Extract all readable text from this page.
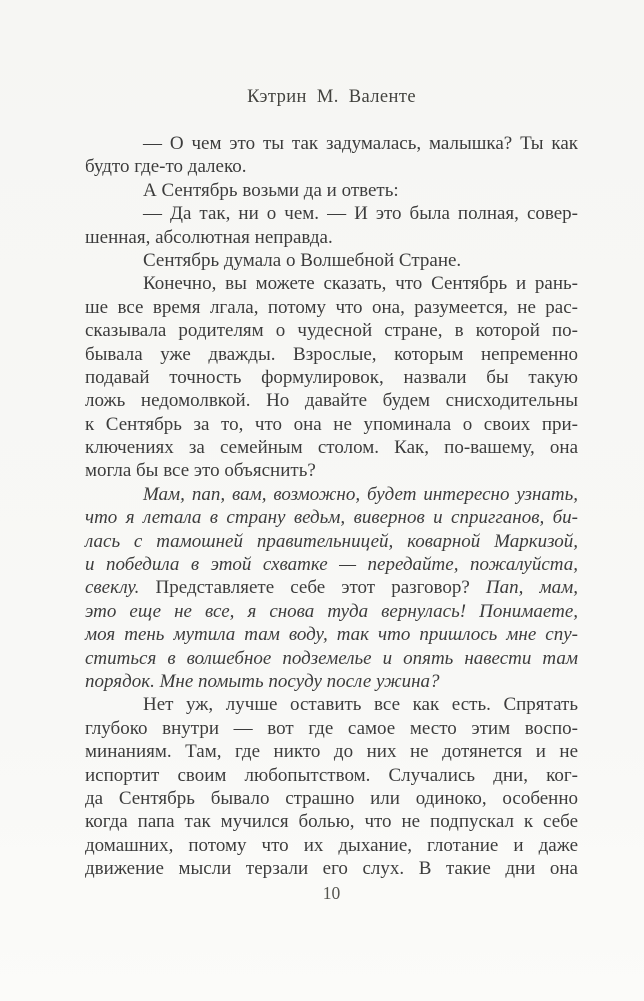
Кэтрин М. Валенте
— О чем это ты так задумалась, малышка? Ты как
будто где-то далеко.
А Сентябрь возьми да и ответь:
— Да так, ни о чем. — И это была полная, совер-
шенная, абсолютная неправда.
Сентябрь думала о Волшебной Стране.
Конечно, вы можете сказать, что Сентябрь и рань-
ше все время лгала, потому что она, разумеется, не рас-
сказывала родителям о чудесной стране, в которой по-
бывала уже дважды. Взрослые, которым непременно
подавай точность формулировок, назвали бы такую
ложь недомолвкой. Но давайте будем снисходительны
к Сентябрь за то, что она не упоминала о своих при-
ключениях за семейным столом. Как, по-вашему, она
могла бы все это объяснить?
Мам, пап, вам, возможно, будет интересно узнать,
что я летала в страну ведьм, вивернов и спригганов, би-
лась с тамошней правительницей, коварной Маркизой,
и победила в этой схватке — передайте, пожалуйста,
свеклу. Представляете себе этот разговор? Пап, мам,
это еще не все, я снова туда вернулась! Понимаете,
моя тень мутила там воду, так что пришлось мне спу-
ститься в волшебное подземелье и опять навести там
порядок. Мне помыть посуду после ужина?
Нет уж, лучше оставить все как есть. Спрятать
глубоко внутри — вот где самое место этим воспо-
минаниям. Там, где никто до них не дотянется и не
испортит своим любопытством. Случались дни, ког-
да Сентябрь бывало страшно или одиноко, особенно
когда папа так мучился болью, что не подпускал к себе
домашних, потому что их дыхание, глотание и даже
движение мысли терзали его слух. В такие дни она
10
